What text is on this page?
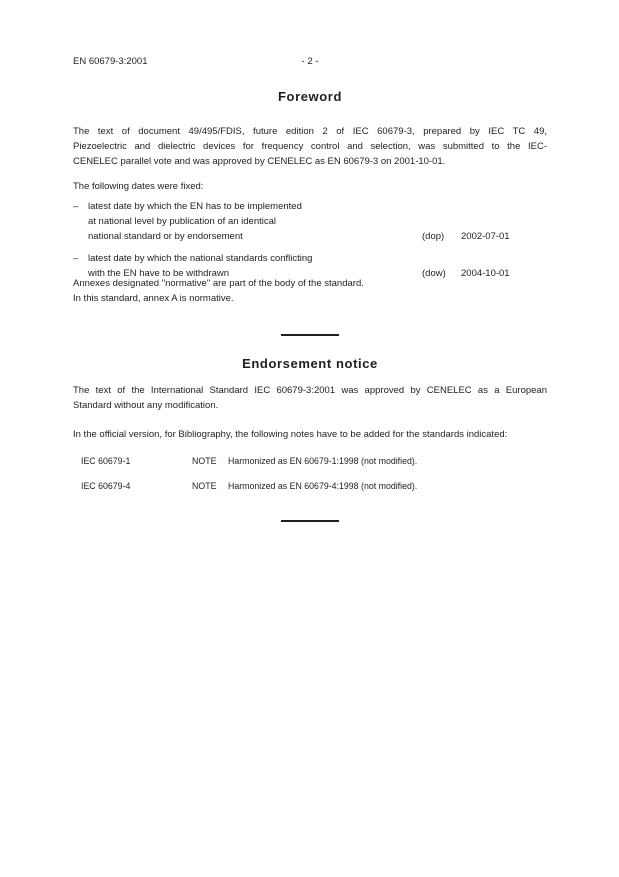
EN 60679-3:2001	- 2 -
Foreword
The text of document 49/495/FDIS, future edition 2 of IEC 60679-3, prepared by IEC TC 49,
Piezoelectric and dielectric devices for frequency control and selection, was submitted to the IEC-
CENELEC parallel vote and was approved by CENELEC as EN 60679-3 on 2001-10-01.
The following dates were fixed:
– latest date by which the EN has to be implemented
at national level by publication of an identical
national standard or by endorsement	(dop) 2002-07-01
– latest date by which the national standards conflicting
with the EN have to be withdrawn	(dow) 2004-10-01
Annexes designated "normative" are part of the body of the standard.
In this standard, annex A is normative.
Endorsement notice
The text of the International Standard IEC 60679-3:2001 was approved by CENELEC as a European
Standard without any modification.
In the official version, for Bibliography, the following notes have to be added for the standards indicated:
IEC 60679-1	NOTE Harmonized as EN 60679-1:1998 (not modified).
IEC 60679-4	NOTE Harmonized as EN 60679-4:1998 (not modified).
